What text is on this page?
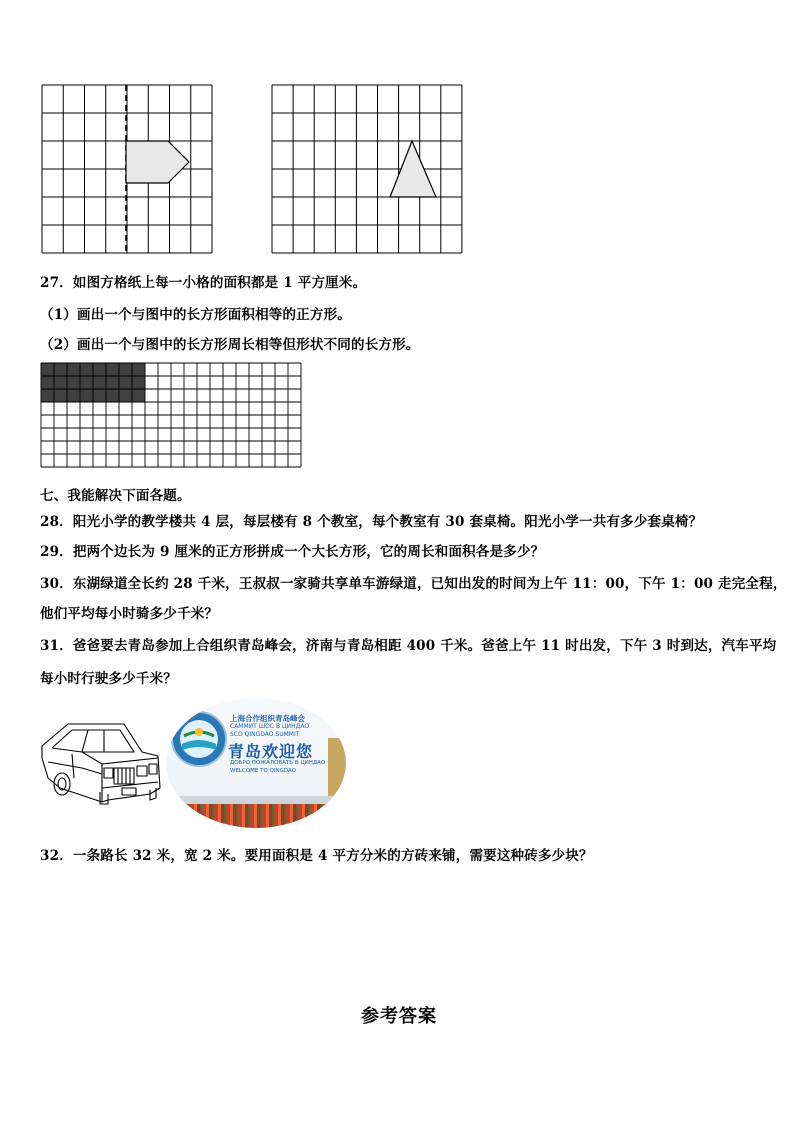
27．如图方格纸上每一小格的面积都是 1 平方厘米。
（1）画出一个与图中的长方形面积相等的正方形。
（2）画出一个与图中的长方形周长相等但形状不同的长方形。
七、我能解决下面各题。
28．阳光小学的教学楼共 4 层，每层楼有 8 个教室，每个教室有 30 套桌椅。阳光小学一共有多少套桌椅？
29．把两个边长为 9 厘米的正方形拼成一个大长方形，它的周长和面积各是多少？
30．东湖绿道全长约 28 千米，王叔叔一家骑共享单车游绿道，已知出发的时间为上午 11：00，下午 1：00 走完全程，
他们平均每小时骑多少千米？
31．爸爸要去青岛参加上合组织青岛峰会，济南与青岛相距 400 千米。爸爸上午 11 时出发，下午 3 时到达，汽车平均
每小时行驶多少千米？
上海合作组织青岛峰会
САММИТ ШОС В ЦИНДАО
SCO QINGDAO SUMMIT
青岛欢迎您
ДОБРО ПОЖАЛОВАТЬ В ЦИНДАО
WELCOME TO QINGDAO
32．一条路长 32 米，宽 2 米。要用面积是 4 平方分米的方砖来铺，需要这种砖多少块？
参考答案
